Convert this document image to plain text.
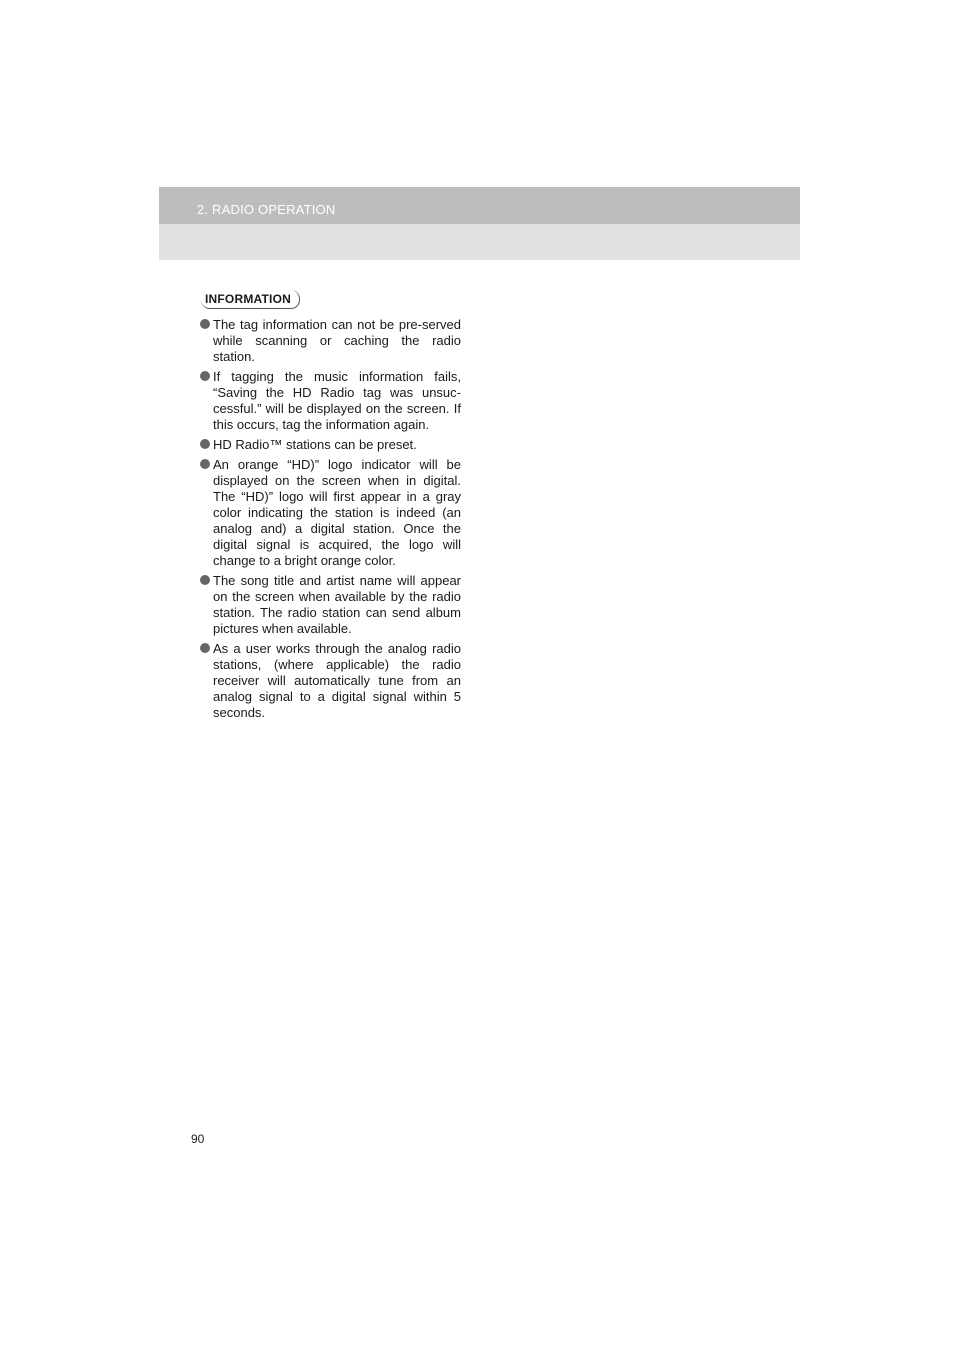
2. RADIO OPERATION
INFORMATION
The tag information can not be pre-served while scanning or caching the radio station.
If tagging the music information fails, “Saving the HD Radio tag was unsuc-cessful.” will be displayed on the screen. If this occurs, tag the information again.
HD Radio™ stations can be preset.
An orange “HD)” logo indicator will be displayed on the screen when in digital. The “HD)” logo will first appear in a gray color indicating the station is indeed (an analog and) a digital station. Once the digital signal is acquired, the logo will change to a bright orange color.
The song title and artist name will appear on the screen when available by the radio station. The radio station can send album pictures when available.
As a user works through the analog radio stations, (where applicable) the radio receiver will automatically tune from an analog signal to a digital signal within 5 seconds.
90
